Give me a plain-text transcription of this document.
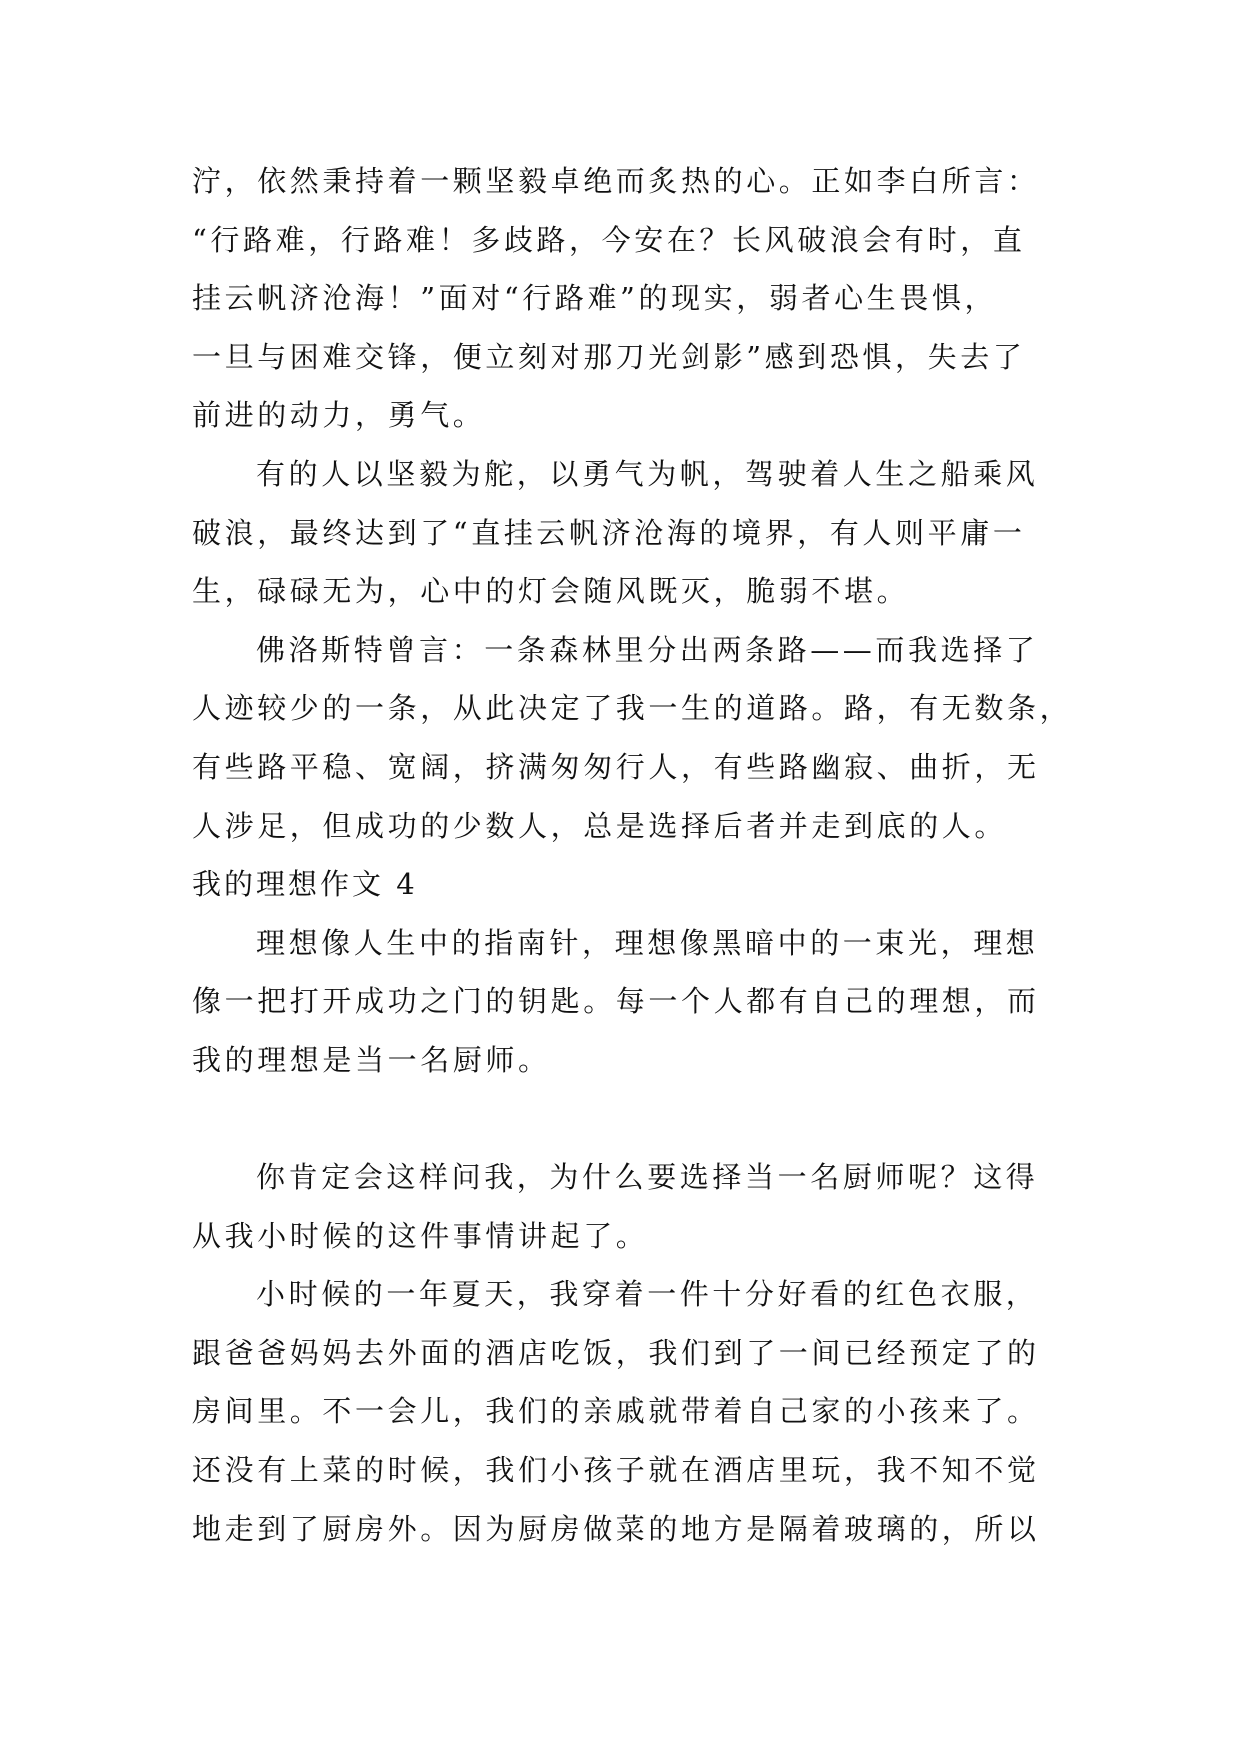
泞，依然秉持着一颗坚毅卓绝而炙热的心。正如李白所言：
“行路难，行路难！多歧路，今安在？长风破浪会有时，直
挂云帆济沧海！”面对“行路难”的现实，弱者心生畏惧，
一旦与困难交锋，便立刻对那刀光剑影”感到恐惧，失去了
前进的动力，勇气。
有的人以坚毅为舵，以勇气为帆，驾驶着人生之船乘风
破浪，最终达到了“直挂云帆济沧海的境界，有人则平庸一
生，碌碌无为，心中的灯会随风既灭，脆弱不堪。
佛洛斯特曾言：一条森林里分出两条路——而我选择了
人迹较少的一条，从此决定了我一生的道路。路，有无数条，
有些路平稳、宽阔，挤满匆匆行人，有些路幽寂、曲折，无
人涉足，但成功的少数人，总是选择后者并走到底的人。
我的理想作文 4
理想像人生中的指南针，理想像黑暗中的一束光，理想
像一把打开成功之门的钥匙。每一个人都有自己的理想，而
我的理想是当一名厨师。
你肯定会这样问我，为什么要选择当一名厨师呢？这得
从我小时候的这件事情讲起了。
小时候的一年夏天，我穿着一件十分好看的红色衣服，
跟爸爸妈妈去外面的酒店吃饭，我们到了一间已经预定了的
房间里。不一会儿，我们的亲戚就带着自己家的小孩来了。
还没有上菜的时候，我们小孩子就在酒店里玩，我不知不觉
地走到了厨房外。因为厨房做菜的地方是隔着玻璃的，所以
